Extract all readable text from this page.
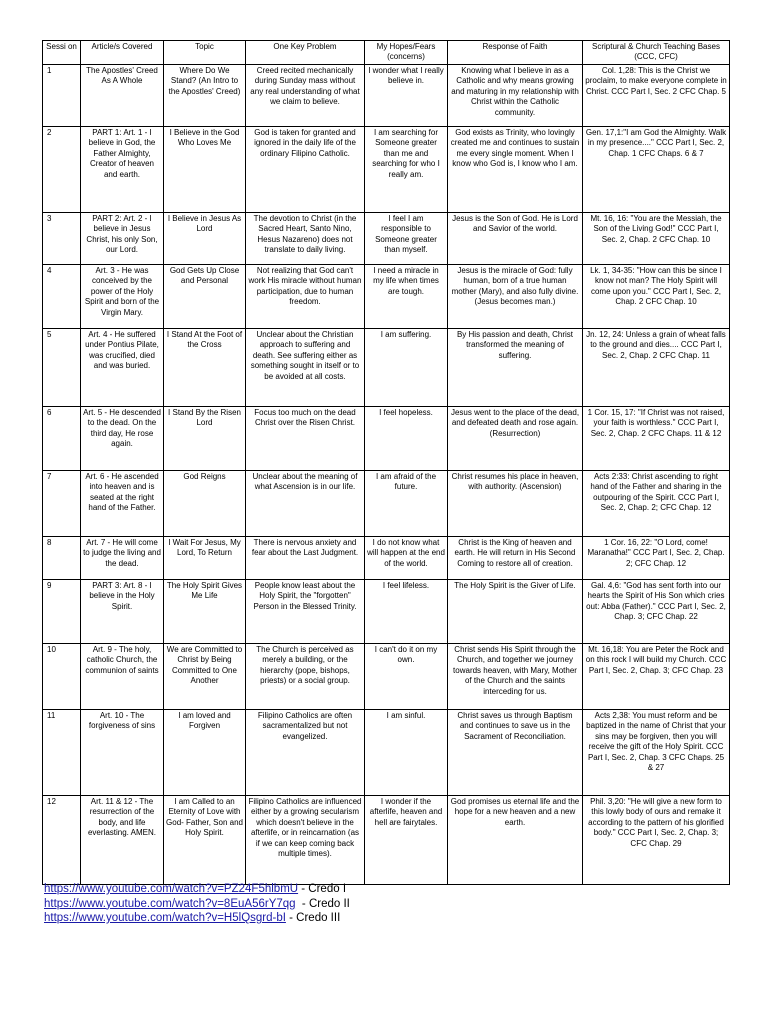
Sessi on	Article/s Covered	Topic	One Key Problem	My Hopes/Fears (concerns)	Response of Faith	Scriptural & Church Teaching Bases (CCC, CFC)
1	The Apostles' Creed As A Whole	Where Do We Stand? (An Intro to the Apostles' Creed)	Creed recited mechanically during Sunday mass without any real understanding of what we claim to believe.	I wonder what I really believe in.	Knowing what I believe in as a Catholic and why means growing and maturing in my relationship with Christ within the Catholic community.	Col. 1,28: This is the Christ we proclaim, to make everyone complete in Christ. CCC Part I, Sec. 2 CFC Chap. 5
2	PART 1: Art. 1 - I believe in God, the Father Almighty, Creator of heaven and earth.	I Believe in the God Who Loves Me	God is taken for granted and ignored in the daily life of the ordinary Filipino Catholic.	I am searching for Someone greater than me and searching for who I really am.	God exists as Trinity, who lovingly created me and continues to sustain me every single moment. When I know who God is, I know who I am.	Gen. 17,1:"I am God the Almighty. Walk in my presence...." CCC Part I, Sec. 2, Chap. 1 CFC Chaps. 6 & 7
3	PART 2: Art. 2 - I believe in Jesus Christ, his only Son, our Lord.	I Believe in Jesus As Lord	The devotion to Christ (in the Sacred Heart, Santo Nino, Hesus Nazareno) does not translate to daily living.	I feel I am responsible to Someone greater than myself.	Jesus is the Son of God. He is Lord and Savior of the world.	Mt. 16, 16: "You are the Messiah, the Son of the Living God!" CCC Part I, Sec. 2, Chap. 2 CFC Chap. 10
4	Art. 3 - He was conceived by the power of the Holy Spirit and born of the Virgin Mary.	God Gets Up Close and Personal	Not realizing that God can't work His miracle without human participation, due to human freedom.	I need a miracle in my life when times are tough.	Jesus is the miracle of God: fully human, born of a true human mother (Mary), and also fully divine. (Jesus becomes man.)	Lk. 1, 34-35: "How can this be since I know not man? The Holy Spirit will come upon you." CCC Part I, Sec. 2, Chap. 2 CFC Chap. 10
5	Art. 4 - He suffered under Pontius Pilate, was crucified, died and was buried.	I Stand At the Foot of the Cross	Unclear about the Christian approach to suffering and death. See suffering either as something sought in itself or to be avoided at all costs.	I am suffering.	By His passion and death, Christ transformed the meaning of suffering.	Jn. 12, 24: Unless a grain of wheat falls to the ground and dies.... CCC Part I, Sec. 2, Chap. 2 CFC Chap. 11
6	Art. 5 - He descended to the dead. On the third day, He rose again.	I Stand By the Risen Lord	Focus too much on the dead Christ over the Risen Christ.	I feel hopeless.	Jesus went to the place of the dead, and defeated death and rose again. (Resurrection)	1 Cor. 15, 17: "If Christ was not raised, your faith is worthless." CCC Part I, Sec. 2, Chap. 2 CFC Chaps. 11 & 12
7	Art. 6 - He ascended into heaven and is seated at the right hand of the Father.	God Reigns	Unclear about the meaning of what Ascension is in our life.	I am afraid of the future.	Christ resumes his place in heaven, with authority. (Ascension)	Acts 2:33: Christ ascending to right hand of the Father and sharing in the outpouring of the Spirit. CCC Part I, Sec. 2, Chap. 2; CFC Chap. 12
8	Art. 7 - He will come to judge the living and the dead.	I Wait For Jesus, My Lord, To Return	There is nervous anxiety and fear about the Last Judgment.	I do not know what will happen at the end of the world.	Christ is the King of heaven and earth. He will return in His Second Coming to restore all of creation.	1 Cor. 16, 22: "O Lord, come! Maranatha!" CCC Part I, Sec. 2, Chap. 2; CFC Chap. 12
9	PART 3: Art. 8 - I believe in the Holy Spirit.	The Holy Spirit Gives Me Life	People know least about the Holy Spirit, the "forgotten" Person in the Blessed Trinity.	I feel lifeless.	The Holy Spirit is the Giver of Life.	Gal. 4,6: "God has sent forth into our hearts the Spirit of His Son which cries out: Abba (Father)." CCC Part I, Sec. 2, Chap. 3; CFC Chap. 22
10	Art. 9 - The holy, catholic Church, the communion of saints	We are Committed to Christ by Being Committed to One Another	The Church is perceived as merely a building, or the hierarchy (pope, bishops, priests) or a social group.	I can't do it on my own.	Christ sends His Spirit through the Church, and together we journey towards heaven, with Mary, Mother of the Church and the saints interceding for us.	Mt. 16,18: You are Peter the Rock and on this rock I will build my Church. CCC Part I, Sec. 2, Chap. 3; CFC Chap. 23
11	Art. 10 - The forgiveness of sins	I am loved and Forgiven	Filipino Catholics are often sacramentalized but not evangelized.	I am sinful.	Christ saves us through Baptism and continues to save us in the Sacrament of Reconciliation.	Acts 2,38: You must reform and be baptized in the name of Christ that your sins may be forgiven, then you will receive the gift of the Holy Spirit. CCC Part I, Sec. 2, Chap. 3 CFC Chaps. 25 & 27
12	Art. 11 & 12 - The resurrection of the body, and life everlasting. AMEN.	I am Called to an Eternity of Love with God- Father, Son and Holy Spirit.	Filipino Catholics are influenced either by a growing secularism which doesn't believe in the afterlife, or in reincarnation (as if we can keep coming back multiple times).	I wonder if the afterlife, heaven and hell are fairytales.	God promises us eternal life and the hope for a new heaven and a new earth.	Phil. 3,20: "He will give a new form to this lowly body of ours and remake it according to the pattern of his glorified body." CCC Part I, Sec. 2, Chap. 3; CFC Chap. 29
https://www.youtube.com/watch?v=PZ24F5hlbmU - Credo I
https://www.youtube.com/watch?v=8EuA56rY7qg  - Credo II
https://www.youtube.com/watch?v=H5lQsgrd-bI - Credo III
